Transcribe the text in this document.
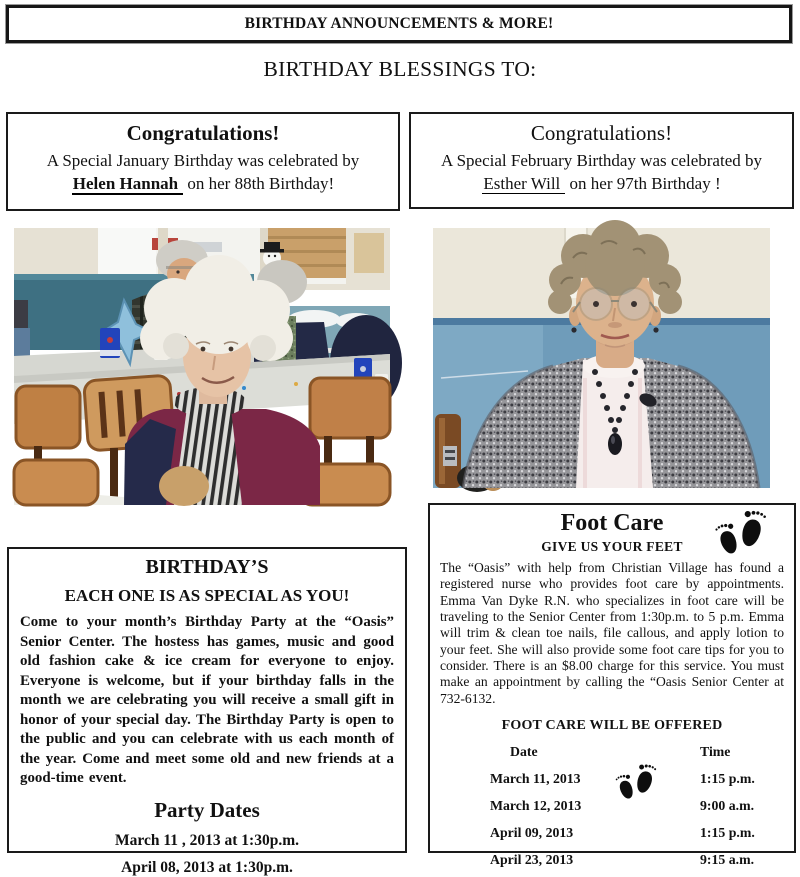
BIRTHDAY ANNOUNCEMENTS & MORE!
BIRTHDAY BLESSINGS TO:
Congratulations!
A Special January Birthday was celebrated by
Helen Hannah on her 88th Birthday!
Congratulations!
A Special February Birthday was celebrated by
Esther Will on her 97th Birthday !
BIRTHDAY’S
EACH ONE IS AS SPECIAL AS YOU!
Come to your month’s Birthday Party at the “Oasis” Senior Center. The hostess has games, music and good old fashion cake & ice cream for everyone to enjoy. Everyone is welcome, but if your birthday falls in the month we are celebrating you will receive a small gift in honor of your special day. The Birthday Party is open to the public and you can celebrate with us each month of the year. Come and meet some old and new friends at a good-time event.
Party Dates
March 11 , 2013 at 1:30p.m.
April 08, 2013 at 1:30p.m.
Foot Care
GIVE US YOUR FEET
The “Oasis” with help from Christian Village has found a registered nurse who provides foot care by appointments. Emma Van Dyke R.N. who specializes in foot care will be traveling to the Senior Center from 1:30p.m. to 5 p.m. Emma will trim & clean toe nails, file callous, and apply lotion to your feet. She will also provide some foot care tips for you to consider. There is an $8.00 charge for this service. You must make an appointment by calling the “Oasis Senior Center at 732-6132.
FOOT CARE WILL BE OFFERED
Date	Time
March 11, 2013	1:15 p.m.
March 12, 2013	9:00 a.m.
April 09, 2013	1:15 p.m.
April 23, 2013	9:15 a.m.
